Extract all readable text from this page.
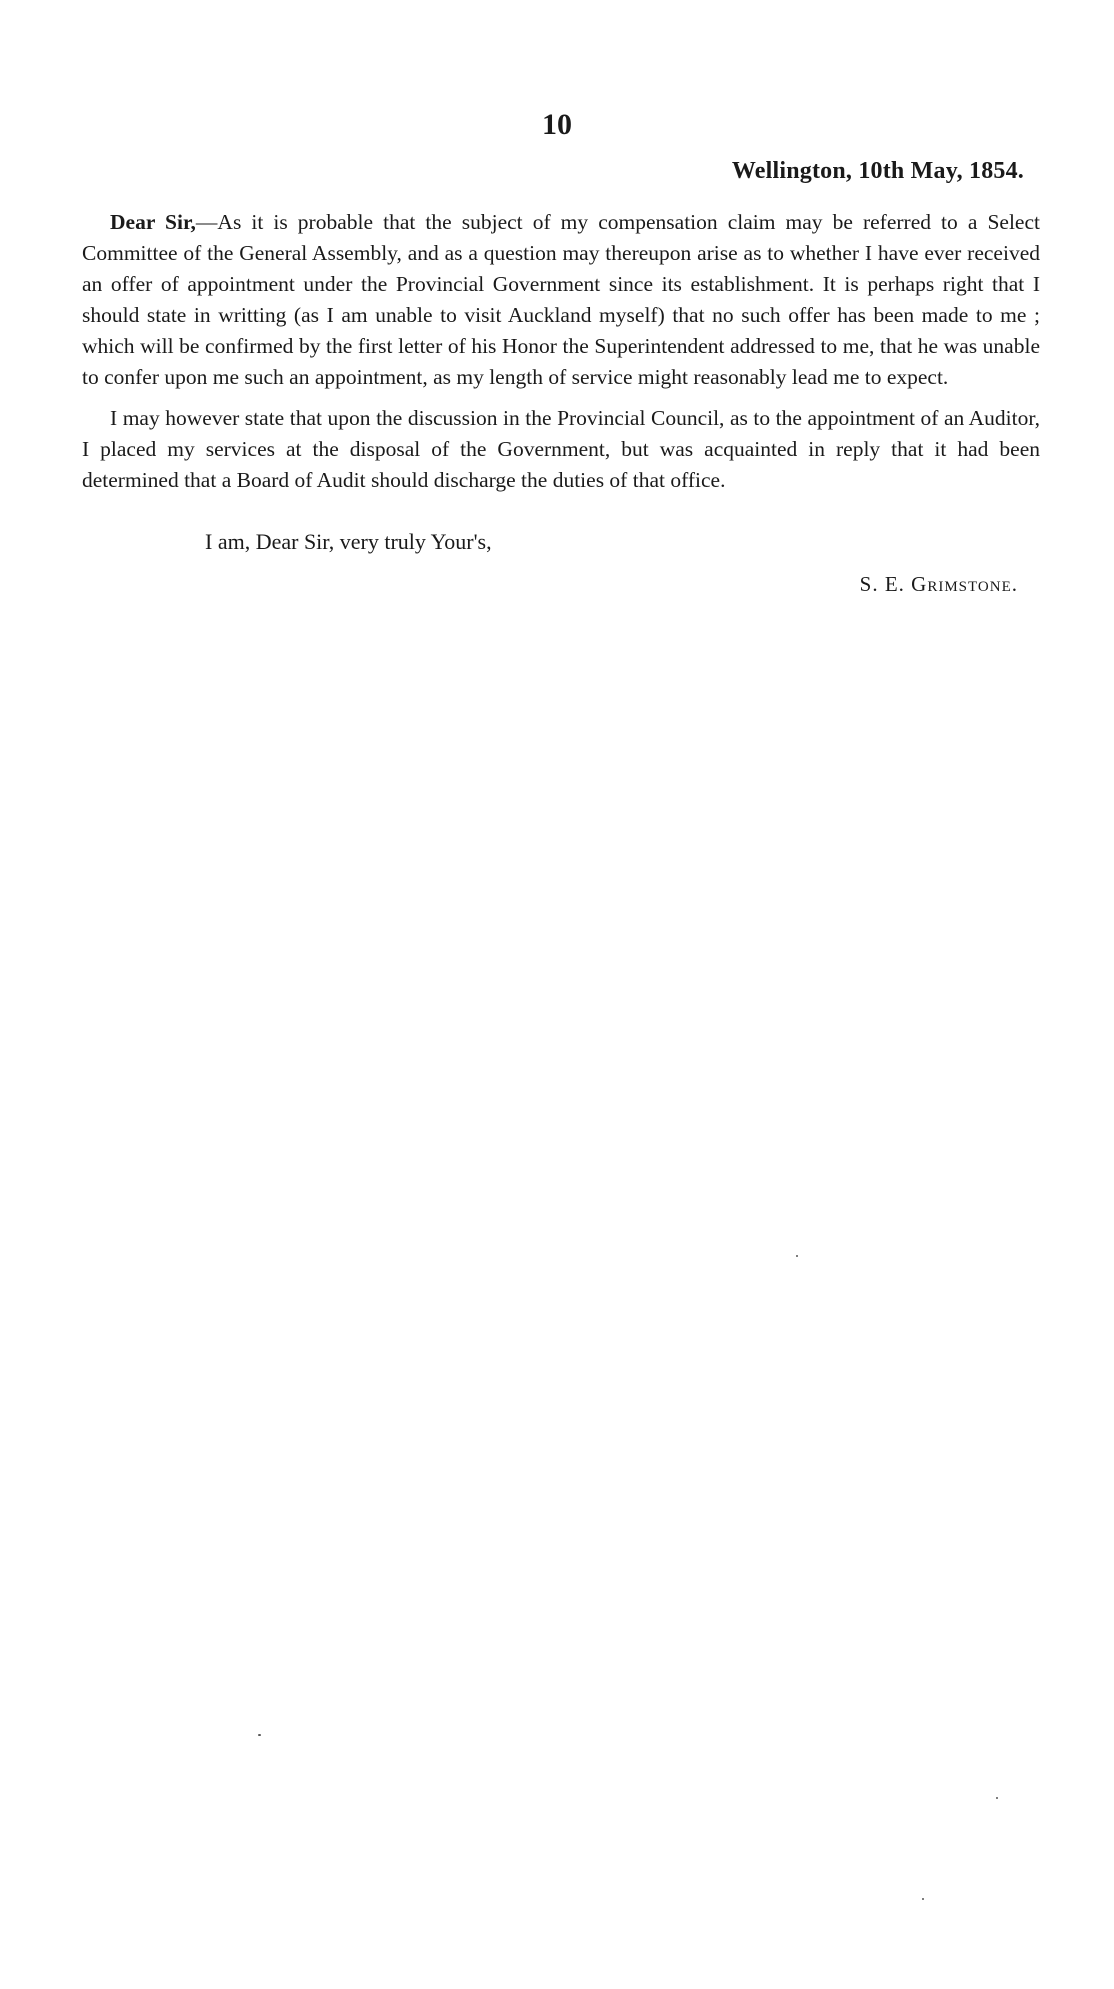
10
Wellington, 10th May, 1854.

Dear Sir,—As it is probable that the subject of my compensation claim may be referred to a Select Committee of the General Assembly, and as a question may thereupon arise as to whether I have ever received an offer of appointment under the Provincial Government since its establishment. It is perhaps right that I should state in writting (as I am unable to visit Auckland myself) that no such offer has been made to me ; which will be confirmed by the first letter of his Honor the Superintendent addressed to me, that he was unable to confer upon me such an appointment, as my length of service might reasonably lead me to expect.

I may however state that upon the discussion in the Provincial Council, as to the appointment of an Auditor, I placed my services at the disposal of the Government, but was acquainted in reply that it had been determined that a Board of Audit should discharge the duties of that office.

I am, Dear Sir, very truly Your's,

S. E. Grimstone.
